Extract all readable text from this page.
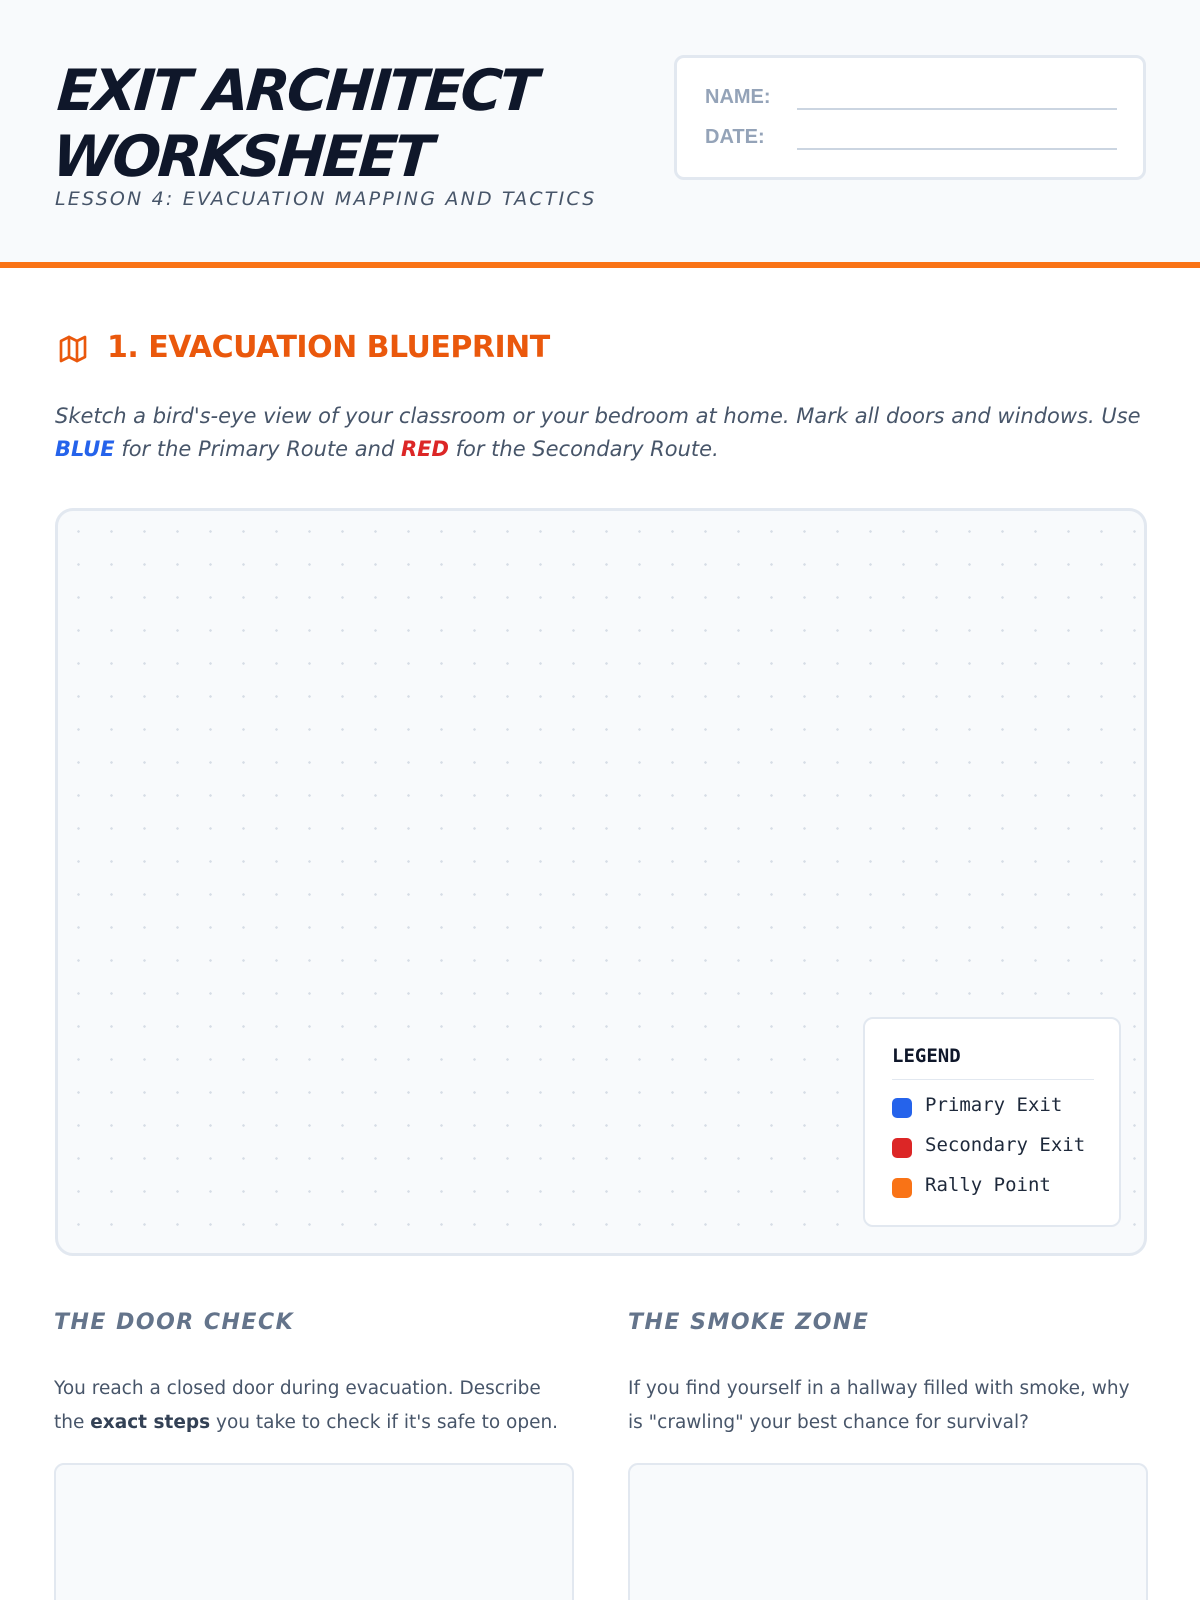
EXIT ARCHITECT
WORKSHEET
LESSON 4: EVACUATION MAPPING AND TACTICS
NAME:
DATE:
1. EVACUATION BLUEPRINT

Sketch a bird's-eye view of your classroom or your bedroom at home. Mark all doors and windows. Use BLUE for the Primary Route and RED for the Secondary Route.

LEGEND
Primary Exit
Secondary Exit
Rally Point
THE DOOR CHECK

You reach a closed door during evacuation. Describe the exact steps you take to check if it's safe to open.

THE SMOKE ZONE

If you find yourself in a hallway filled with smoke, why is "crawling" your best chance for survival?
